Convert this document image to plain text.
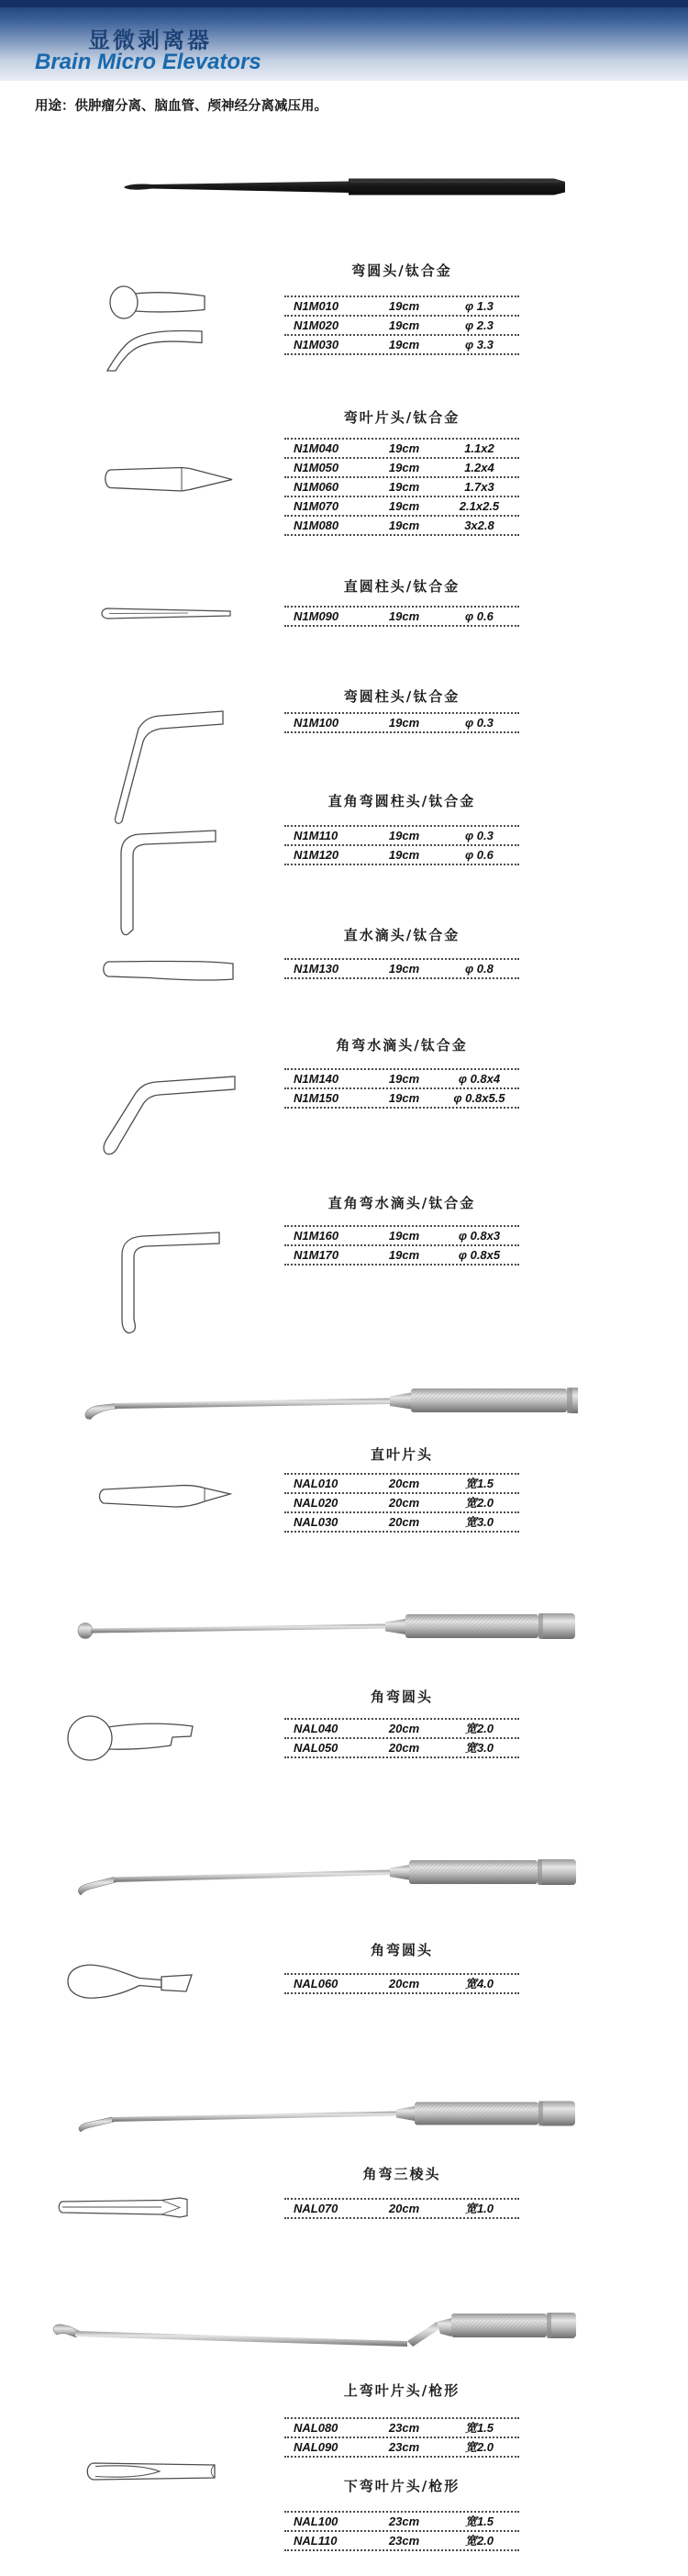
显微剥离器
Brain Micro Elevators
用途：供肿瘤分离、脑血管、颅神经分离减压用。
弯圆头/钛合金
N1M010	19cm	φ 1.3
N1M020	19cm	φ 2.3
N1M030	19cm	φ 3.3
弯叶片头/钛合金
N1M040	19cm	1.1x2
N1M050	19cm	1.2x4
N1M060	19cm	1.7x3
N1M070	19cm	2.1x2.5
N1M080	19cm	3x2.8
直圆柱头/钛合金
N1M090	19cm	φ 0.6
弯圆柱头/钛合金
N1M100	19cm	φ 0.3
直角弯圆柱头/钛合金
N1M110	19cm	φ 0.3
N1M120	19cm	φ 0.6
直水滴头/钛合金
N1M130	19cm	φ 0.8
角弯水滴头/钛合金
N1M140	19cm	φ 0.8x4
N1M150	19cm	φ 0.8x5.5
直角弯水滴头/钛合金
N1M160	19cm	φ 0.8x3
N1M170	19cm	φ 0.8x5
直叶片头
NAL010	20cm	宽1.5
NAL020	20cm	宽2.0
NAL030	20cm	宽3.0
角弯圆头
NAL040	20cm	宽2.0
NAL050	20cm	宽3.0
角弯圆头
NAL060	20cm	宽4.0
角弯三棱头
NAL070	20cm	宽1.0
上弯叶片头/枪形
NAL080	23cm	宽1.5
NAL090	23cm	宽2.0
下弯叶片头/枪形
NAL100	23cm	宽1.5
NAL110	23cm	宽2.0
